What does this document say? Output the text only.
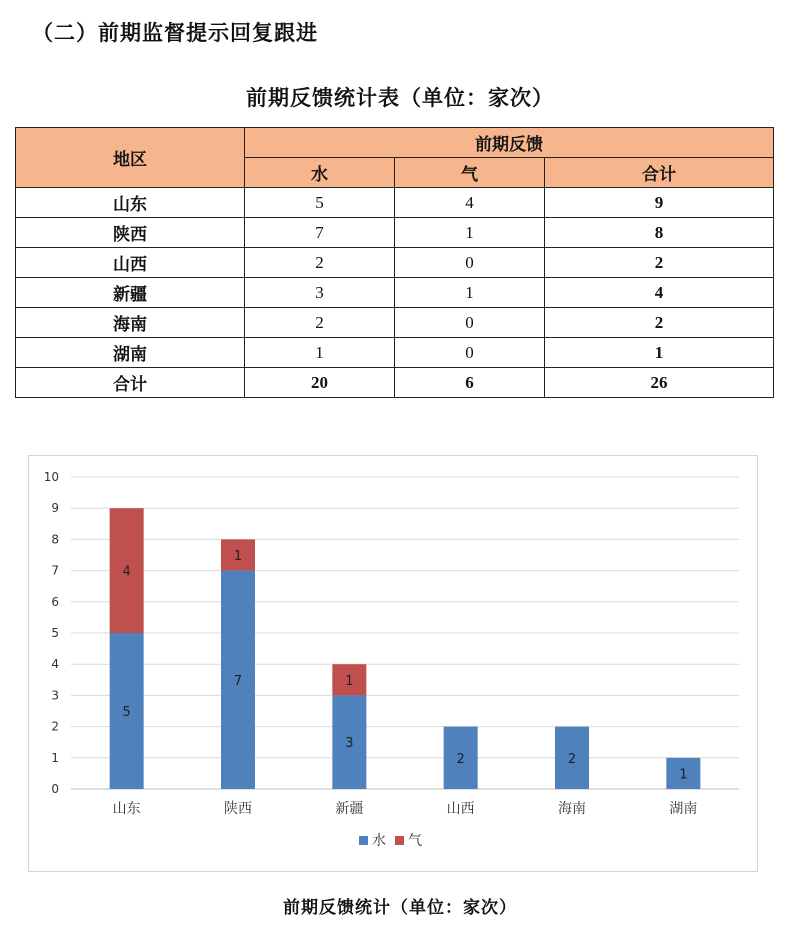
（二）前期监督提示回复跟进
前期反馈统计表（单位：家次）
地区	前期反馈		
	水	气	合计
山东	5	4	9
陕西	7	1	8
山西	2	0	2
新疆	3	1	4
海南	2	0	2
湖南	1	0	1
合计	20	6	26
0
1
2
3
4
5
6
7
8
9
10
5
4
山东
7
1
陕西
3
1
新疆
2
山西
2
海南
1
湖南
水 气
前期反馈统计（单位：家次）
